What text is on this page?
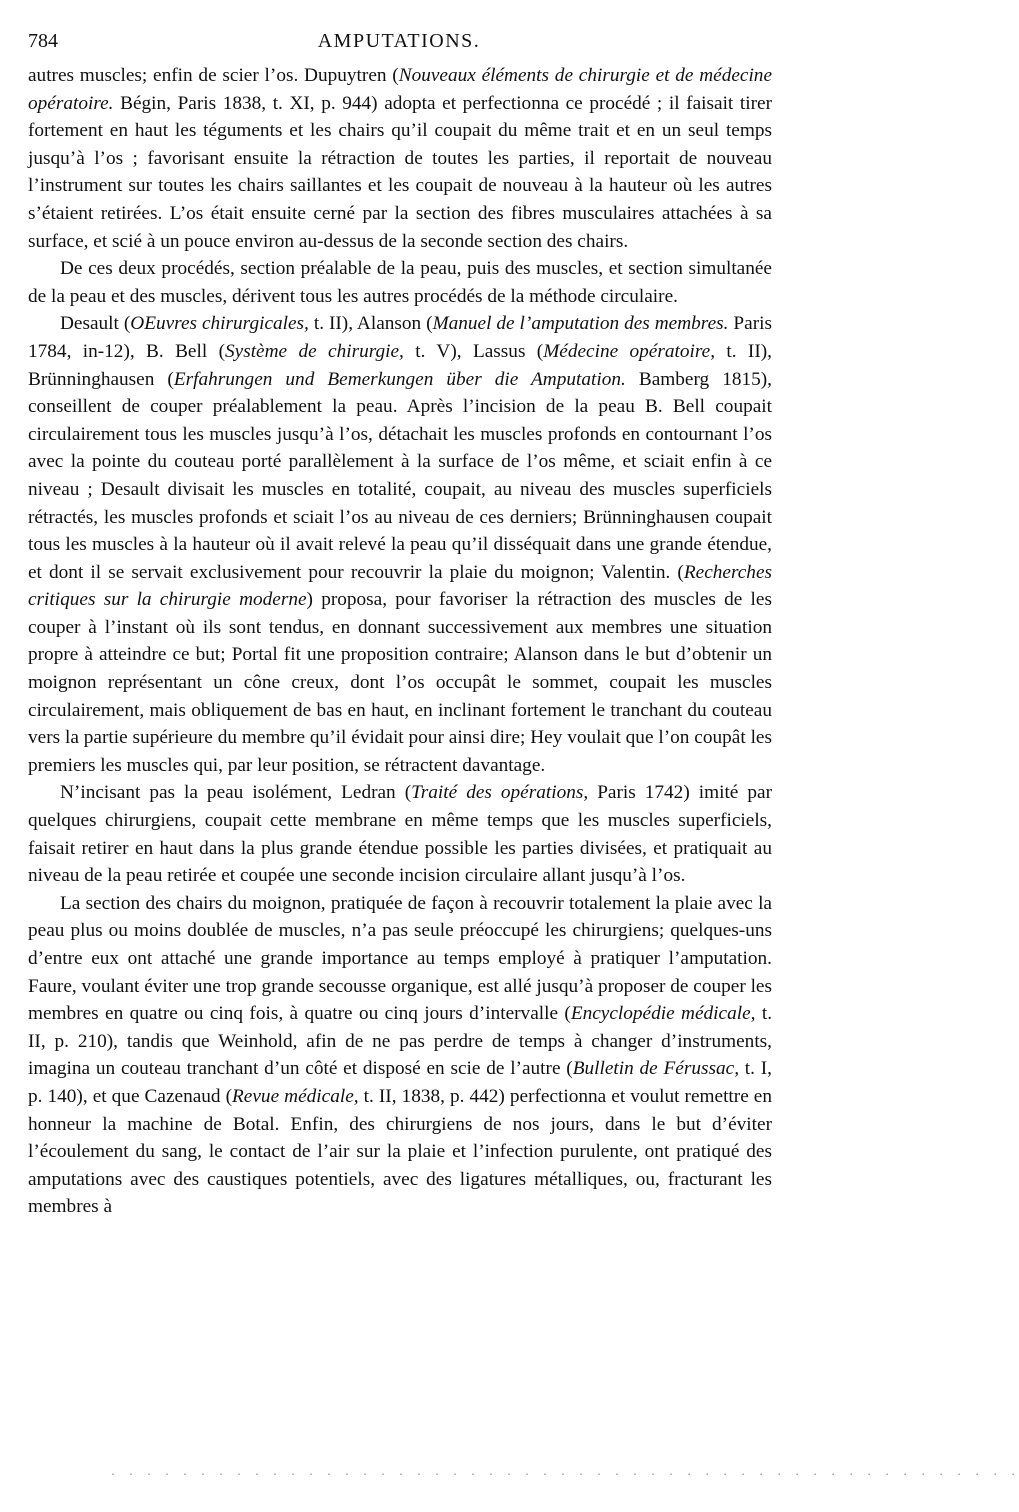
784	AMPUTATIONS.

autres muscles; enfin de scier l’os. Dupuytren (Nouveaux éléments de chirurgie et de médecine opératoire. Bégin, Paris 1838, t. XI, p. 944) adopta et perfectionna ce procédé ; il faisait tirer fortement en haut les téguments et les chairs qu’il coupait du même trait et en un seul temps jusqu’à l’os ; favorisant ensuite la rétraction de toutes les parties, il reportait de nouveau l’instrument sur toutes les chairs saillantes et les coupait de nouveau à la hauteur où les autres s’étaient retirées. L’os était ensuite cerné par la section des fibres musculaires attachées à sa surface, et scié à un pouce environ au-dessus de la seconde section des chairs.

De ces deux procédés, section préalable de la peau, puis des muscles, et section simultanée de la peau et des muscles, dérivent tous les autres procédés de la méthode circulaire.

Desault (OEuvres chirurgicales, t. II), Alanson (Manuel de l’amputation des membres. Paris 1784, in-12), B. Bell (Système de chirurgie, t. V), Lassus (Médecine opératoire, t. II), Brünninghausen (Erfahrungen und Bemerkungen über die Amputation. Bamberg 1815), conseillent de couper préalablement la peau. Après l’incision de la peau B. Bell coupait circulairement tous les muscles jusqu’à l’os, détachait les muscles profonds en contournant l’os avec la pointe du couteau porté parallèlement à la surface de l’os même, et sciait enfin à ce niveau ; Desault divisait les muscles en totalité, coupait, au niveau des muscles superficiels rétractés, les muscles profonds et sciait l’os au niveau de ces derniers; Brünninghausen coupait tous les muscles à la hauteur où il avait relevé la peau qu’il disséquait dans une grande étendue, et dont il se servait exclusivement pour recouvrir la plaie du moignon; Valentin. (Recherches critiques sur la chirurgie moderne) proposa, pour favoriser la rétraction des muscles de les couper à l’instant où ils sont tendus, en donnant successivement aux membres une situation propre à atteindre ce but; Portal fit une proposition contraire; Alanson dans le but d’obtenir un moignon représentant un cône creux, dont l’os occupât le sommet, coupait les muscles circulairement, mais obliquement de bas en haut, en inclinant fortement le tranchant du couteau vers la partie supérieure du membre qu’il évidait pour ainsi dire; Hey voulait que l’on coupât les premiers les muscles qui, par leur position, se rétractent davantage.

N’incisant pas la peau isolément, Ledran (Traité des opérations, Paris 1742) imité par quelques chirurgiens, coupait cette membrane en même temps que les muscles superficiels, faisait retirer en haut dans la plus grande étendue possible les parties divisées, et pratiquait au niveau de la peau retirée et coupée une seconde incision circulaire allant jusqu’à l’os.

La section des chairs du moignon, pratiquée de façon à recouvrir totalement la plaie avec la peau plus ou moins doublée de muscles, n’a pas seule préoccupé les chirurgiens; quelques-uns d’entre eux ont attaché une grande importance au temps employé à pratiquer l’amputation. Faure, voulant éviter une trop grande secousse organique, est allé jusqu’à proposer de couper les membres en quatre ou cinq fois, à quatre ou cinq jours d’intervalle (Encyclopédie médicale, t. II, p. 210), tandis que Weinhold, afin de ne pas perdre de temps à changer d’instruments, imagina un couteau tranchant d’un côté et disposé en scie de l’autre (Bulletin de Férussac, t. I, p. 140), et que Cazenaud (Revue médicale, t. II, 1838, p. 442) perfectionna et voulut remettre en honneur la machine de Botal. Enfin, des chirurgiens de nos jours, dans le but d’éviter l’écoulement du sang, le contact de l’air sur la plaie et l’infection purulente, ont pratiqué des amputations avec des caustiques potentiels, avec des ligatures métalliques, ou, fracturant les membres à

· · · · · · · · · · · · · · · · · · · · · · · · · · · · · · · · · · · · · · · · · · · · · · · · · · ·
